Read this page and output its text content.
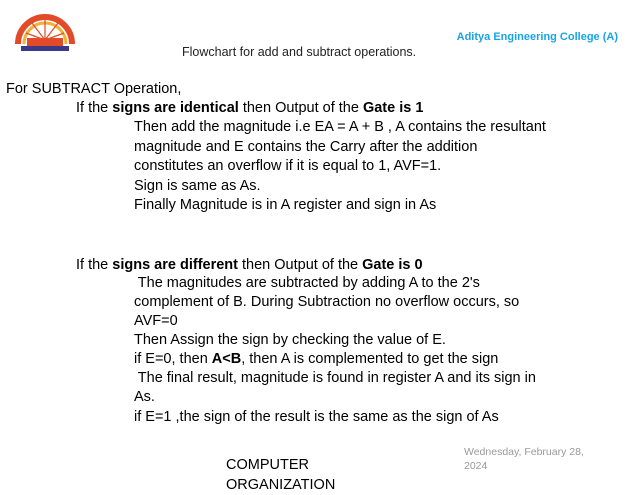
Aditya Engineering College (A)
Flowchart for add and subtract operations.
For SUBTRACT Operation,
If the signs are identical then Output of the Gate is 1
Then add the magnitude i.e EA = A + B , A contains the resultant
magnitude and E contains the Carry after the addition
constitutes an overflow if it is equal to 1, AVF=1.
Sign is same as As.
Finally Magnitude is in A register and sign in As
If the signs are different then Output of the Gate is 0
The magnitudes are subtracted by adding A to the 2's
complement of B. During Subtraction no overflow occurs, so
AVF=0
Then Assign the sign by checking the value of E.
if E=0, then A<B, then A is complemented to get the sign
The final result, magnitude is found in register A and its sign in
As.
if E=1 ,the sign of the result is the same as the sign of As
Wednesday, February 28,
2024
COMPUTER
ORGANIZATION
